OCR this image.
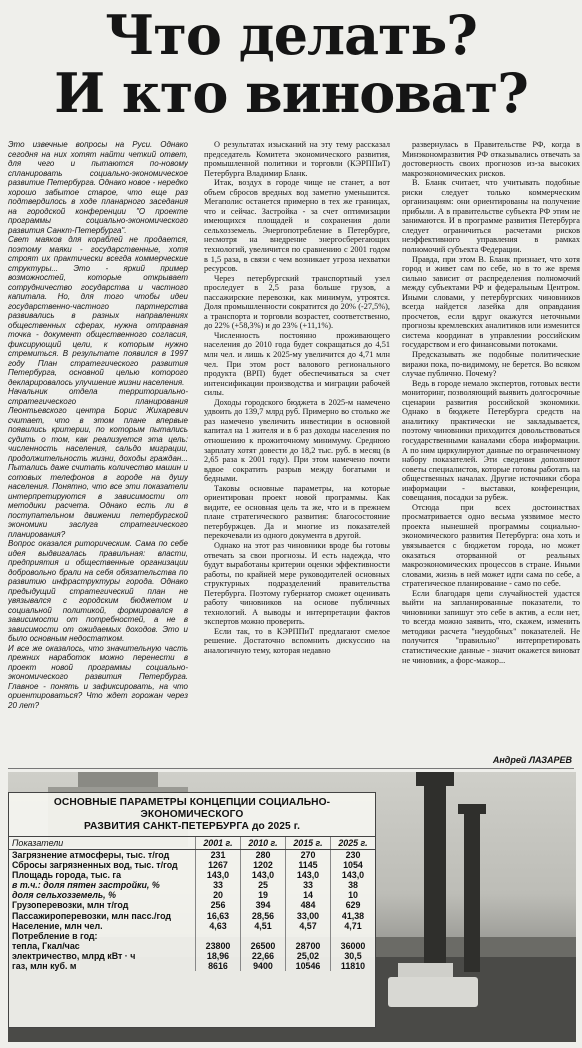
Что делать?
И кто виноват?

Это извечные вопросы на Руси. Однако сегодня на них хотят найти четкий ответ, для чего и пытаются по-новому спланировать социально-экономическое развитие Петербурга. Однако новое - нередко хорошо забытое старое, что еще раз подтвердилось в ходе планарного заседания на городской конференции "О проекте программы социально-экономического развития Санкт-Петербурга".

Свет маяков для кораблей не продается, поэтому маяки - государственные, хотя строят их практически всегда коммерческие структуры... Это - яркий пример возможностей, которые открывает сотрудничество государства и частного капитала. Но, для того чтобы идеи государственно-частного партнерства развивались в разных направлениях общественных сферах, нужна отправная точка - документ общественного согласия, фиксирующий цели, к которым нужно стремиться. В результате появился в 1997 году План стратегического развития Петербурга, основной целью которого декларировалось улучшение жизни населения.

Начальник отдела территориально-стратегического планирования Леонтьевского центра Борис Жихаревич считает, что в этом плане впервые появились критерии, по которым пытались судить о том, как реализуется эта цель: численность населения, сальдо миграции, продолжительность жизни, доходы граждан... Пытались даже считать количество машин и сотовых телефонов в городе на душу населения. Понятно, что все эти показатели интерпретируются в зависимости от методики расчета. Однако есть ли в поступательном движении петербургской экономики заслуга стратегического планирования?

Вопрос оказался риторическим. Сама по себе идея выдвигалась правильная: власти, предприятия и общественные организации добровольно брали на себя обязательства по развитию инфраструктуры города. Однако предыдущий стратегический план не увязывался с городским бюджетом и социальной политикой, формировался в зависимости от потребностей, а не в зависимости от ожидаемых доходов. Это и было основным недостатком.

И все же оказалось, что значительную часть прежних наработок можно перенести в проект новой программы социально-экономического развития Петербурга. Главное - понять и зафиксировать, на что ориентироваться? Что ждет горожан через 20 лет?

О результатах изысканий на эту тему рассказал председатель Комитета экономического развития, промышленной политики и торговли (КЭРППиТ) Петербурга Владимир Бланк.

Итак, воздух в городе чище не станет, а вот объем сбросов вредных вод заметно уменьшится. Мегаполис останется примерно в тех же границах, что и сейчас. Застройка - за счет оптимизации имеющихся площадей и сохранения доли сельхозземель. Энергопотребление в Петербурге, несмотря на внедрение энергосберегающих технологий, увеличится по сравнению с 2001 годом в 1,5 раза, в связи с чем возникает угроза нехватки ресурсов.

Через петербургский транспортный узел проследует в 2,5 раза больше грузов, а пассажирские перевозки, как минимум, утроятся. Доля промышленности сократится до 20% (-27,5%), а транспорта и торговли возрастет, соответственно, до 22% (+58,3%) и до 23% (+11,1%).

Численность постоянно проживающего населения до 2010 года будет сокращаться до 4,51 млн чел. и лишь к 2025-му увеличится до 4,71 млн чел. При этом рост валового регионального продукта (ВРП) будет обеспечиваться за счет интенсификации производства и миграции рабочей силы.

Доходы городского бюджета в 2025-м намечено удвоить до 139,7 млрд руб. Примерно во столько же раз намечено увеличить инвестиции в основной капитал на 1 жителя и в 6 раз доходы населения по отношению к прожиточному минимуму. Среднюю зарплату хотят довести до 18,2 тыс. руб. в месяц (в 2,65 раза к 2001 году). При этом намечено почти вдвое сократить разрыв между богатыми и бедными.

Таковы основные параметры, на которые ориентирован проект новой программы. Как видите, ее основная цель та же, что и в прежнем плане стратегического развития: благосостояние петербуржцев. Да и многие из показателей перекочевали из одного документа в другой.

Однако на этот раз чиновники вроде бы готовы отвечать за свои прогнозы. И есть надежда, что будут выработаны критерии оценки эффективности работы, по крайней мере руководителей основных структурных подразделений правительства Петербурга. Поэтому губернатор сможет оценивать работу чиновников на основе публичных технологий. А выводы и интерпретации фактов экспертов можно проверить.

Если так, то в КЭРППиТ предлагают смелое решение. Достаточно вспомнить дискуссию на аналогичную тему, которая недавно

развернулась в Правительстве РФ, когда в Минэкономразвития РФ отказывались отвечать за достоверность своих прогнозов из-за высоких макроэкономических рисков.

В. Бланк считает, что учитывать подобные риски следует только коммерческим организациям: они ориентированы на получение прибыли. А в правительстве субъекта РФ этим не занимаются. И в программе развития Петербурга следует ограничиться расчетами рисков неэффективного управления в рамках полномочий субъекта Федерации.

Правда, при этом В. Бланк признает, что хотя город и живет сам по себе, но в то же время сильно зависит от распределения полномочий между субъектами РФ и федеральным Центром. Иными словами, у петербургских чиновников всегда найдется лазейка для оправдания просчетов, если вдруг окажутся неточными прогнозы кремлевских аналитиков или изменится система координат в управлении российским государством и его финансовыми потоками.

Предсказывать же подобные политические виражи пока, по-видимому, не берется. Во всяком случае публично. Почему?

Ведь в городе немало экспертов, готовых вести мониторинг, позволяющий выявить долгосрочные сценарии развития российской экономики. Однако в бюджете Петербурга средств на аналитику практически не закладывается, поэтому чиновники приходится довольствоваться государственными каналами сбора информации. А по ним циркулируют данные по ограниченному набору показателей. Эти сведения дополняют советы специалистов, которые готовы работать на общественных началах. Другие источники сбора информации - выставки, конференции, совещания, посадки за рубеж.

Отсюда при всех достоинствах просматривается одно весьма уязвимое место проекта нынешней программы социально-экономического развития Петербурга: она хоть и увязывается с бюджетом города, но может оказаться оторванной от реальных макроэкономических процессов в стране. Иными словами, жизнь в ней может идти сама по себе, а стратегическое планирование - само по себе.

Если благодаря цепи случайностей удастся выйти на запланированные показатели, то чиновники запишут это себе в актив, а если нет, то всегда можно заявить, что, скажем, изменить методики расчета "неудобных" показателей. Не получится "правильно" интерпретировать статистические данные - значит окажется виноват не чиновник, а форс-мажор...

Андрей ЛАЗАРЕВ
ОСНОВНЫЕ ПАРАМЕТРЫ КОНЦЕПЦИИ СОЦИАЛЬНО-ЭКОНОМИЧЕСКОГО
РАЗВИТИЯ САНКТ-ПЕТЕРБУРГА до 2025 г.
Показатели	2001 г.	2010 г.	2015 г.	2025 г.
Загрязнение атмосферы, тыс. т/год	231	280	270	230
Сбросы загрязненных вод, тыс. т/год	1267	1202	1145	1054
Площадь города, тыс. га	143,0	143,0	143,0	143,0
в т.ч.: доля пятен застройки, %	33	25	33	38
доля сельхозземель, %	20	19	14	10
Грузоперевозки, млн т/год	256	394	484	629
Пассажироперевозки, млн пасс./год	16,63	28,56	33,00	41,38
Население, млн чел.	4,63	4,51	4,57	4,71
Потребление в год:				
тепла, Гкал/час	23800	26500	28700	36000
электричество, млрд кВт · ч	18,96	22,66	25,02	30,5
газ, млн куб. м	8616	9400	10546	11810
